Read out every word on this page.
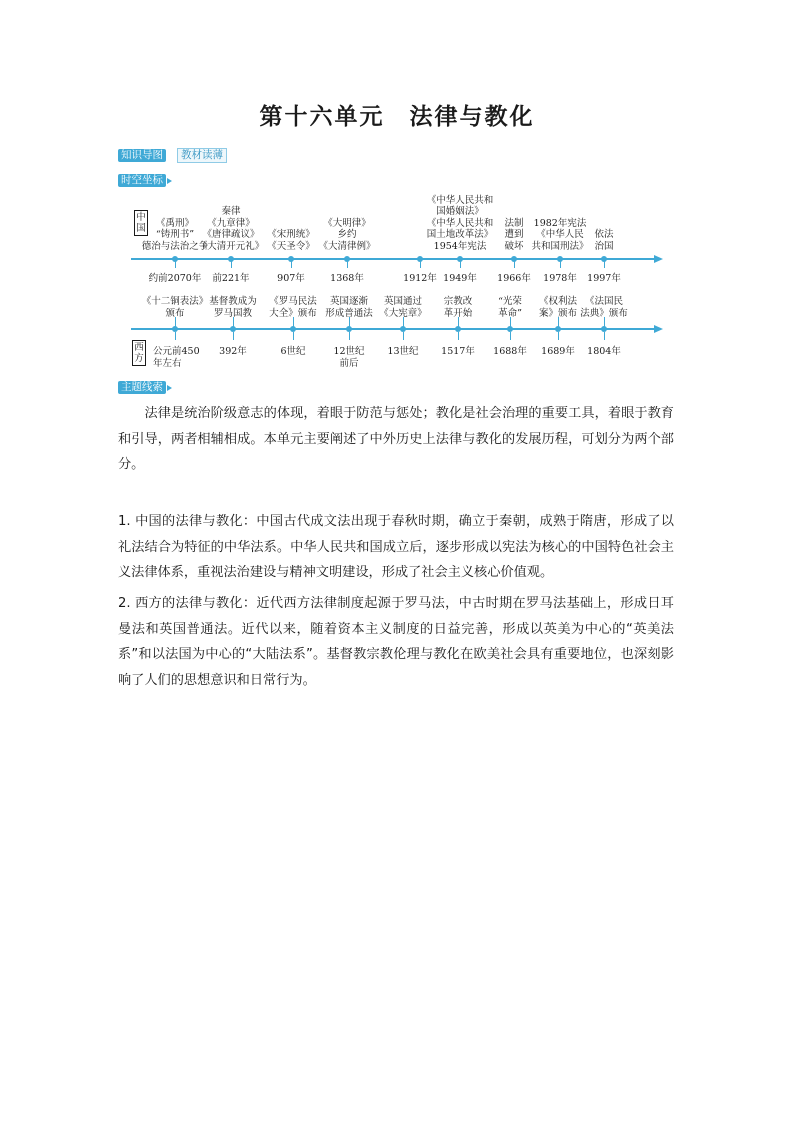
第十六单元　法律与教化
知识导图	教材读薄
时空坐标
中国
约前2070年
《禹刑》
“铸刑书”
德治与法治之争
前221年
秦律
《九章律》
《唐律疏议》
《大清开元礼》
907年
《宋刑统》
《天圣令》
1368年
《大明律》
乡约
《大清律例》
1912年 1949年
《中华人民共和
国婚姻法》
《中华人民共和
国土地改革法》
1954年宪法
1966年
法制
遭到
破坏
1978年
1982年宪法
《中华人民
共和国刑法》
1997年
依法
治国
西方
《十二铜表法》
颁布
公元前450
年左右
基督教成为
罗马国教
392年
《罗马民法
大全》颁布
6世纪
英国逐渐
形成普通法
12世纪
前后
英国通过
《大宪章》
13世纪
宗教改
革开始
1517年
“光荣
革命”
1688年
《权利法
案》颁布
1689年
《法国民
法典》颁布
1804年
主题线索
　　法律是统治阶级意志的体现，着眼于防范与惩处；教化是社会治理的重要工具，着眼于教育和引导，两者相辅相成。本单元主要阐述了中外历史上法律与教化的发展历程，可划分为两个部分。
1. 中国的法律与教化：中国古代成文法出现于春秋时期，确立于秦朝，成熟于隋唐，形成了以礼法结合为特征的中华法系。中华人民共和国成立后，逐步形成以宪法为核心的中国特色社会主义法律体系，重视法治建设与精神文明建设，形成了社会主义核心价值观。
2. 西方的法律与教化：近代西方法律制度起源于罗马法，中古时期在罗马法基础上，形成日耳曼法和英国普通法。近代以来，随着资本主义制度的日益完善，形成以英美为中心的“英美法系”和以法国为中心的“大陆法系”。基督教宗教伦理与教化在欧美社会具有重要地位，也深刻影响了人们的思想意识和日常行为。
